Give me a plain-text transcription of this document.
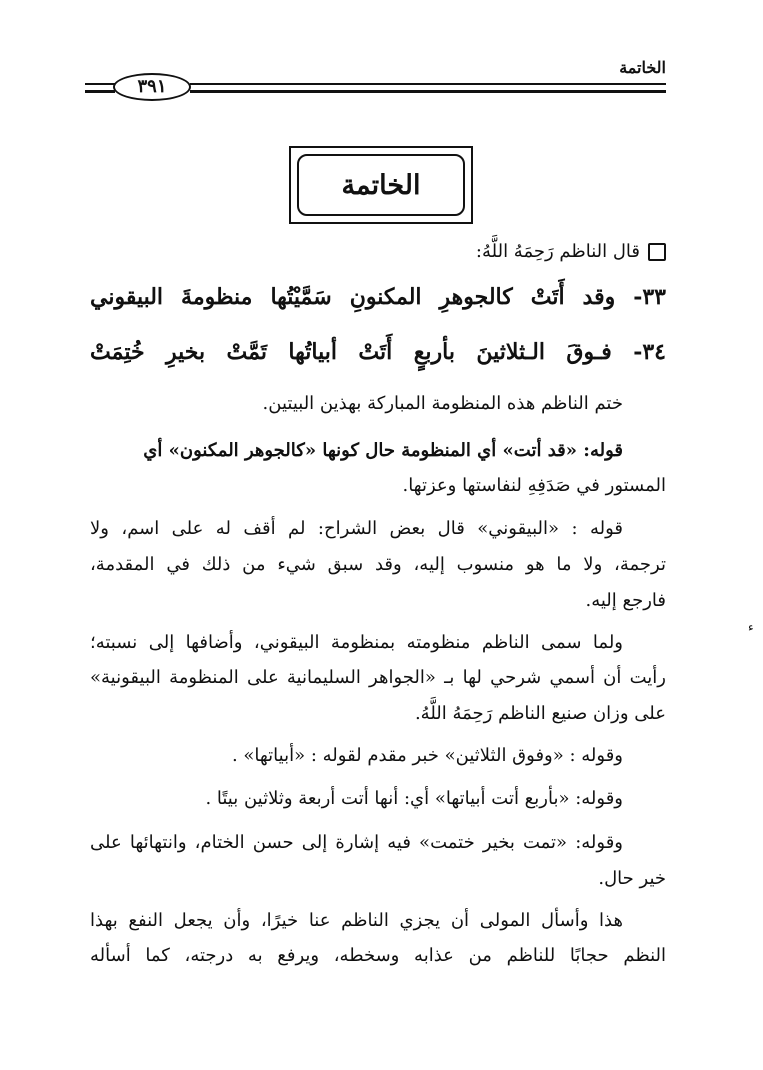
الخاتمة
٣٩١
الخاتمة
قال الناظم رَحِمَهُ اللَّهُ:
٣٣- وقد أَتَتْ كالجوهرِ المكنونِ سَمَّيْتُها منظومةَ البيقوني
٣٤- فـوقَ الـثلاثينَ بأربعٍ أَتَتْ أبياتُها تَمَّتْ بخيرِ خُتِمَتْ
ختم الناظم هذه المنظومة المباركة بهذين البيتين.
قوله: «قد أتت» أي المنظومة حال كونها «كالجوهر المكنون» أي
المستور في صَدَفِهِ لنفاستها وعزتها.
قوله : «البيقوني» قال بعض الشراح: لم أقف له على اسم، ولا
ترجمة، ولا ما هو منسوب إليه، وقد سبق شيء من ذلك في المقدمة،
فارجع إليه.
ولما سمى الناظم منظومته بمنظومة البيقوني، وأضافها إلى نسبته؛
رأيت أن أسمي شرحي لها بـ «الجواهر السليمانية على المنظومة البيقونية»
على وزان صنيع الناظم رَحِمَهُ اللَّهُ.
وقوله : «وفوق الثلاثين» خبر مقدم لقوله : «أبياتها» .
وقوله: «بأربع أتت أبياتها» أي: أنها أتت أربعة وثلاثين بيتًا .
وقوله: «تمت بخير ختمت» فيه إشارة إلى حسن الختام، وانتهائها على
خير حال.
هذا وأسأل المولى أن يجزي الناظم عنا خيرًا، وأن يجعل النفع بهذا
النظم حجابًا للناظم من عذابه وسخطه، ويرفع به درجته، كما أسأله
ء
